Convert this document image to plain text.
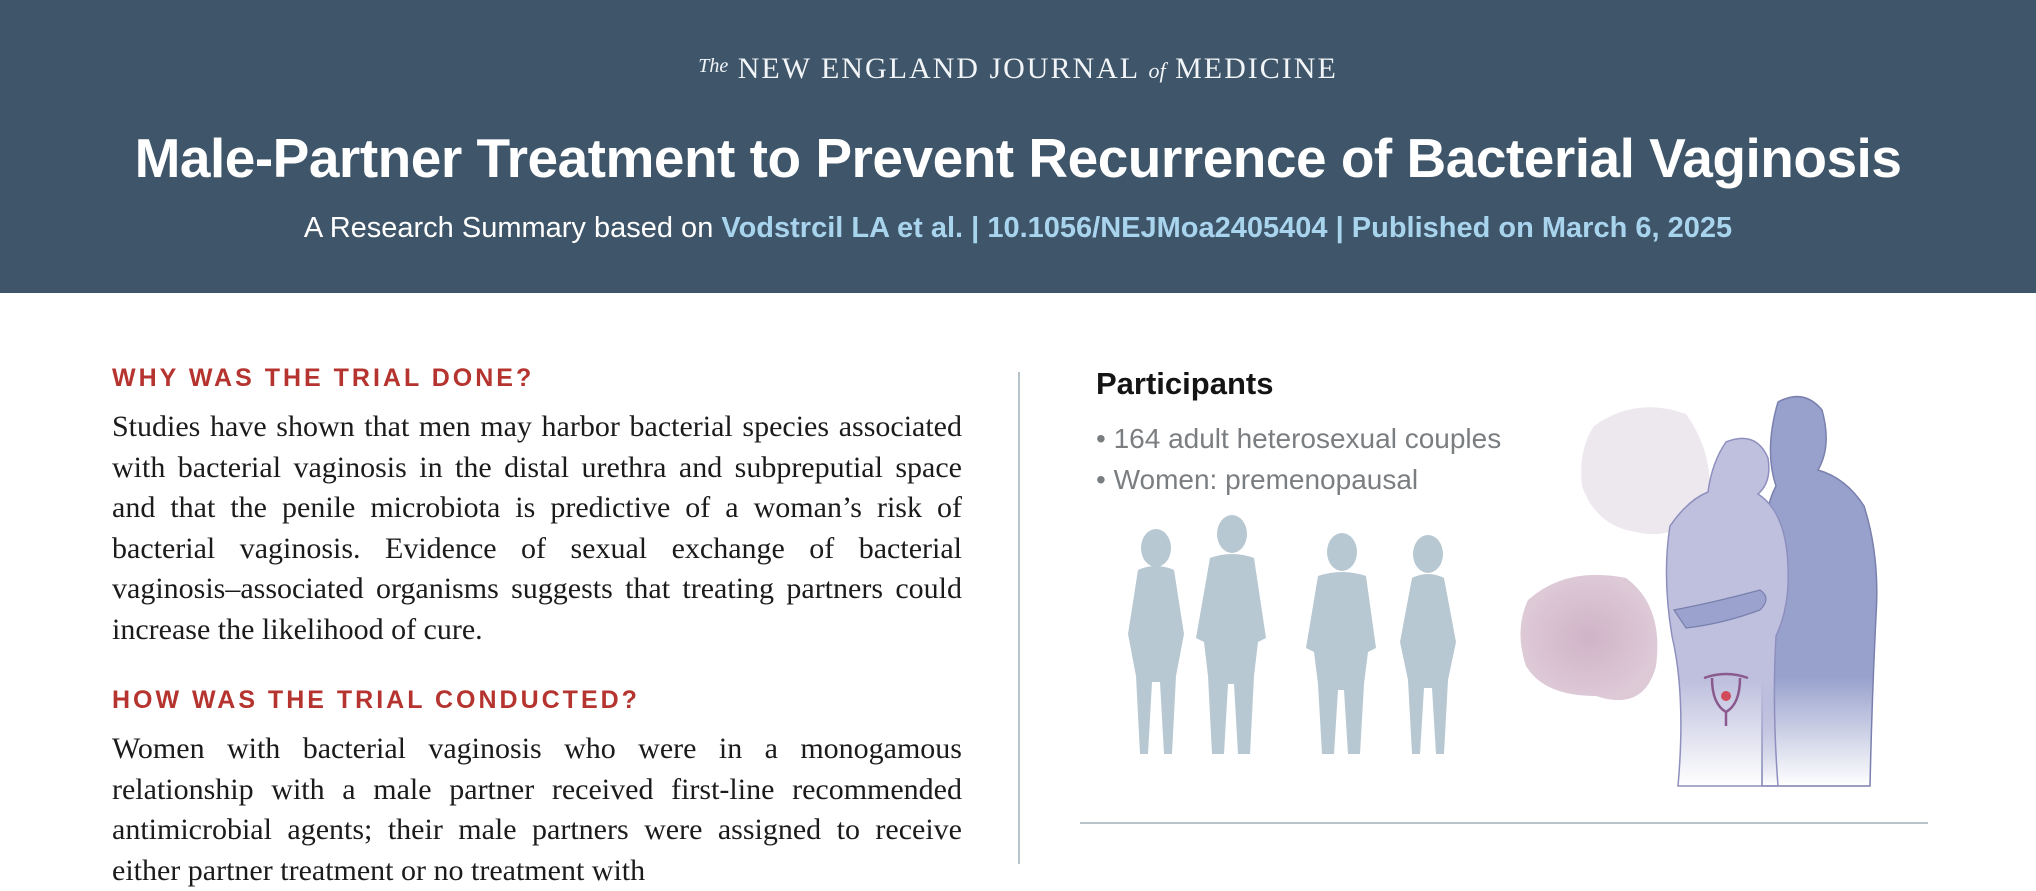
$^{The}$ NEW ENGLAND JOURNAL of MEDICINE
Male-Partner Treatment to Prevent Recurrence of Bacterial Vaginosis
A Research Summary based on Vodstrcil LA et al. | 10.1056/NEJMoa2405404 | Published on March 6, 2025
WHY WAS THE TRIAL DONE?

Studies have shown that men may harbor bacterial species associated with bacterial vaginosis in the distal urethra and subpreputial space and that the penile microbiota is predictive of a woman’s risk of bacterial vaginosis. Evidence of sexual exchange of bacterial vaginosis–associated organisms suggests that treating partners could increase the likelihood of cure.

HOW WAS THE TRIAL CONDUCTED?

Women with bacterial vaginosis who were in a monogamous relationship with a male partner received first-line recommended antimicrobial agents; their male partners were assigned to receive either partner treatment or no treatment with

Participants
• 164 adult heterosexual couples
• Women: premenopausal
